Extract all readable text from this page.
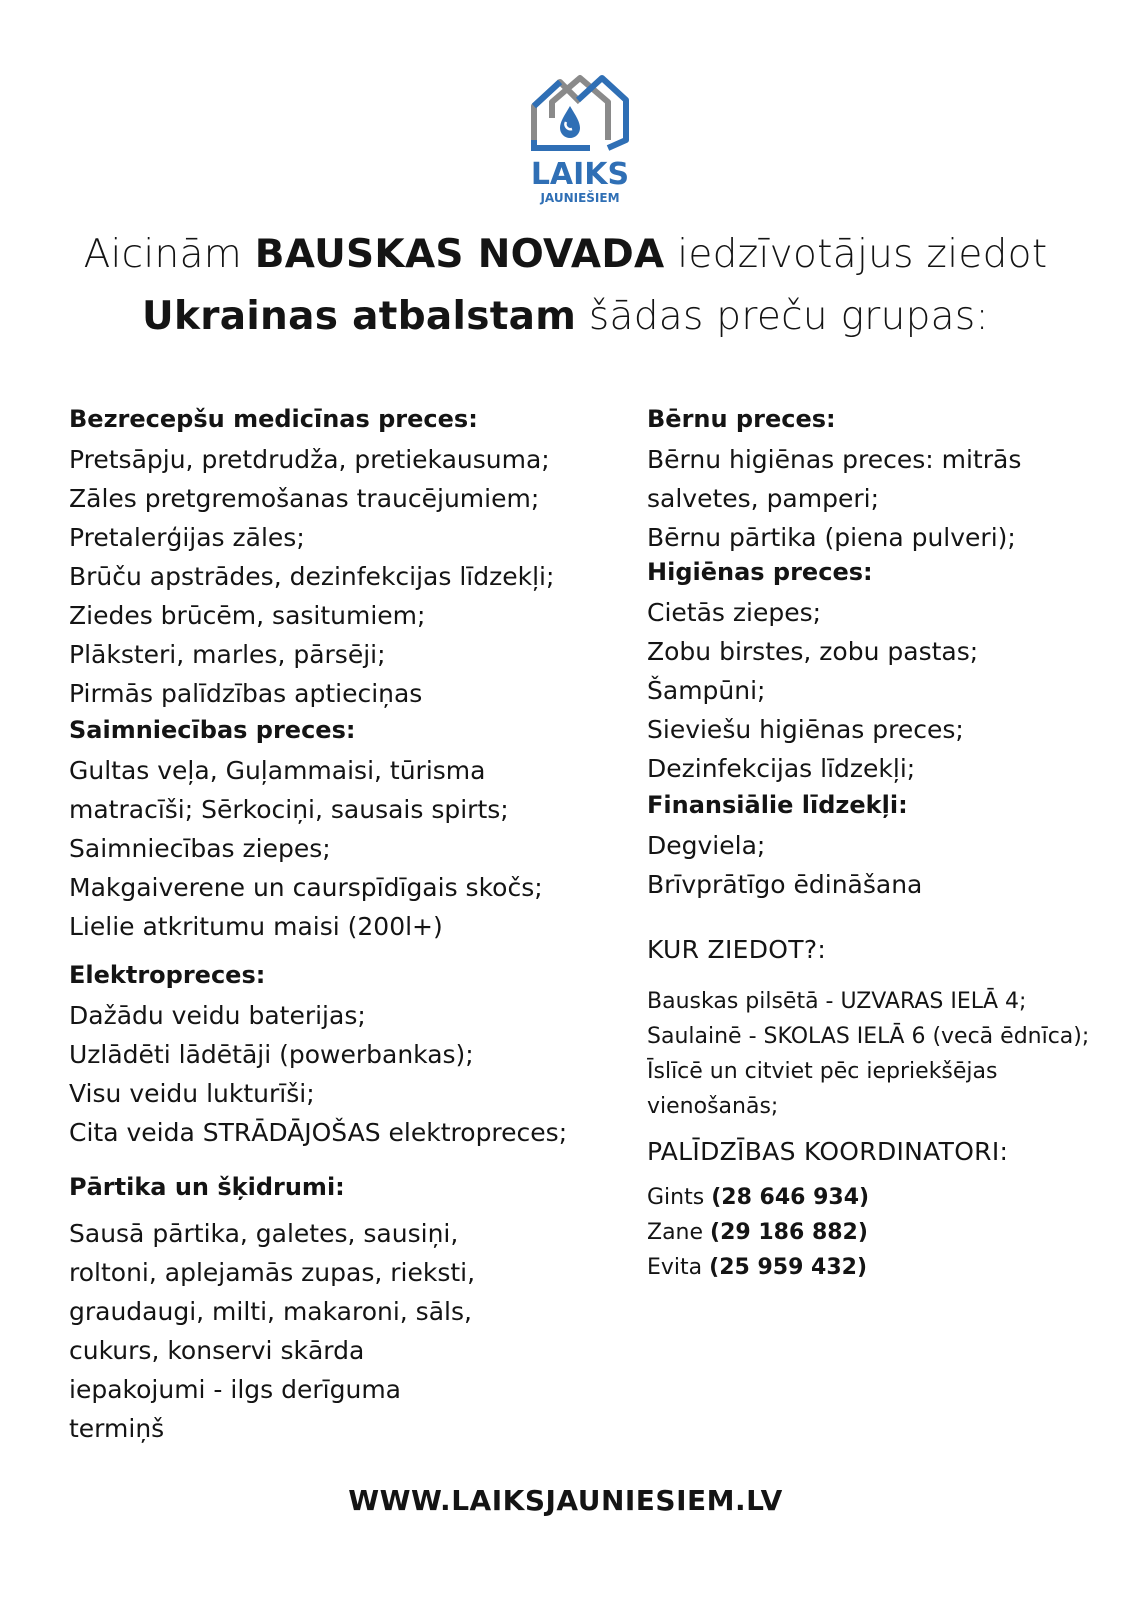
LAIKS
JAUNIEŠIEM
Aicinām BAUSKAS NOVADA iedzīvotājus ziedot
Ukrainas atbalstam šādas preču grupas:
Bezrecepšu medicīnas preces:
Pretsāpju, pretdrudža, pretiekausuma;
Zāles pretgremošanas traucējumiem;
Pretalerģijas zāles;
Brūču apstrādes, dezinfekcijas līdzekļi;
Ziedes brūcēm, sasitumiem;
Plāksteri, marles, pārsēji;
Pirmās palīdzības aptieciņas
Saimniecības preces:
Gultas veļa, Guļammaisi, tūrisma
matracīši; Sērkociņi, sausais spirts;
Saimniecības ziepes;
Makgaiverene un caurspīdīgais skočs;
Lielie atkritumu maisi (200l+)
Elektropreces:
Dažādu veidu baterijas;
Uzlādēti lādētāji (powerbankas);
Visu veidu lukturīši;
Cita veida STRĀDĀJOŠAS elektropreces;
Pārtika un šķidrumi:
Sausā pārtika, galetes, sausiņi,
roltoni, aplejamās zupas, rieksti,
graudaugi, milti, makaroni, sāls,
cukurs, konservi skārda
iepakojumi - ilgs derīguma
termiņš
Bērnu preces:
Bērnu higiēnas preces: mitrās
salvetes, pamperi;
Bērnu pārtika (piena pulveri);
Higiēnas preces:
Cietās ziepes;
Zobu birstes, zobu pastas;
Šampūni;
Sieviešu higiēnas preces;
Dezinfekcijas līdzekļi;
Finansiālie līdzekļi:
Degviela;
Brīvprātīgo ēdināšana
KUR ZIEDOT?:
Bauskas pilsētā - UZVARAS IELĀ 4;
Saulainē - SKOLAS IELĀ 6 (vecā ēdnīca);
Īslīcē un citviet pēc iepriekšējas vienošanās;
PALĪDZĪBAS KOORDINATORI:
Gints (28 646 934)
Zane (29 186 882)
Evita (25 959 432)
WWW.LAIKSJAUNIESIEM.LV
